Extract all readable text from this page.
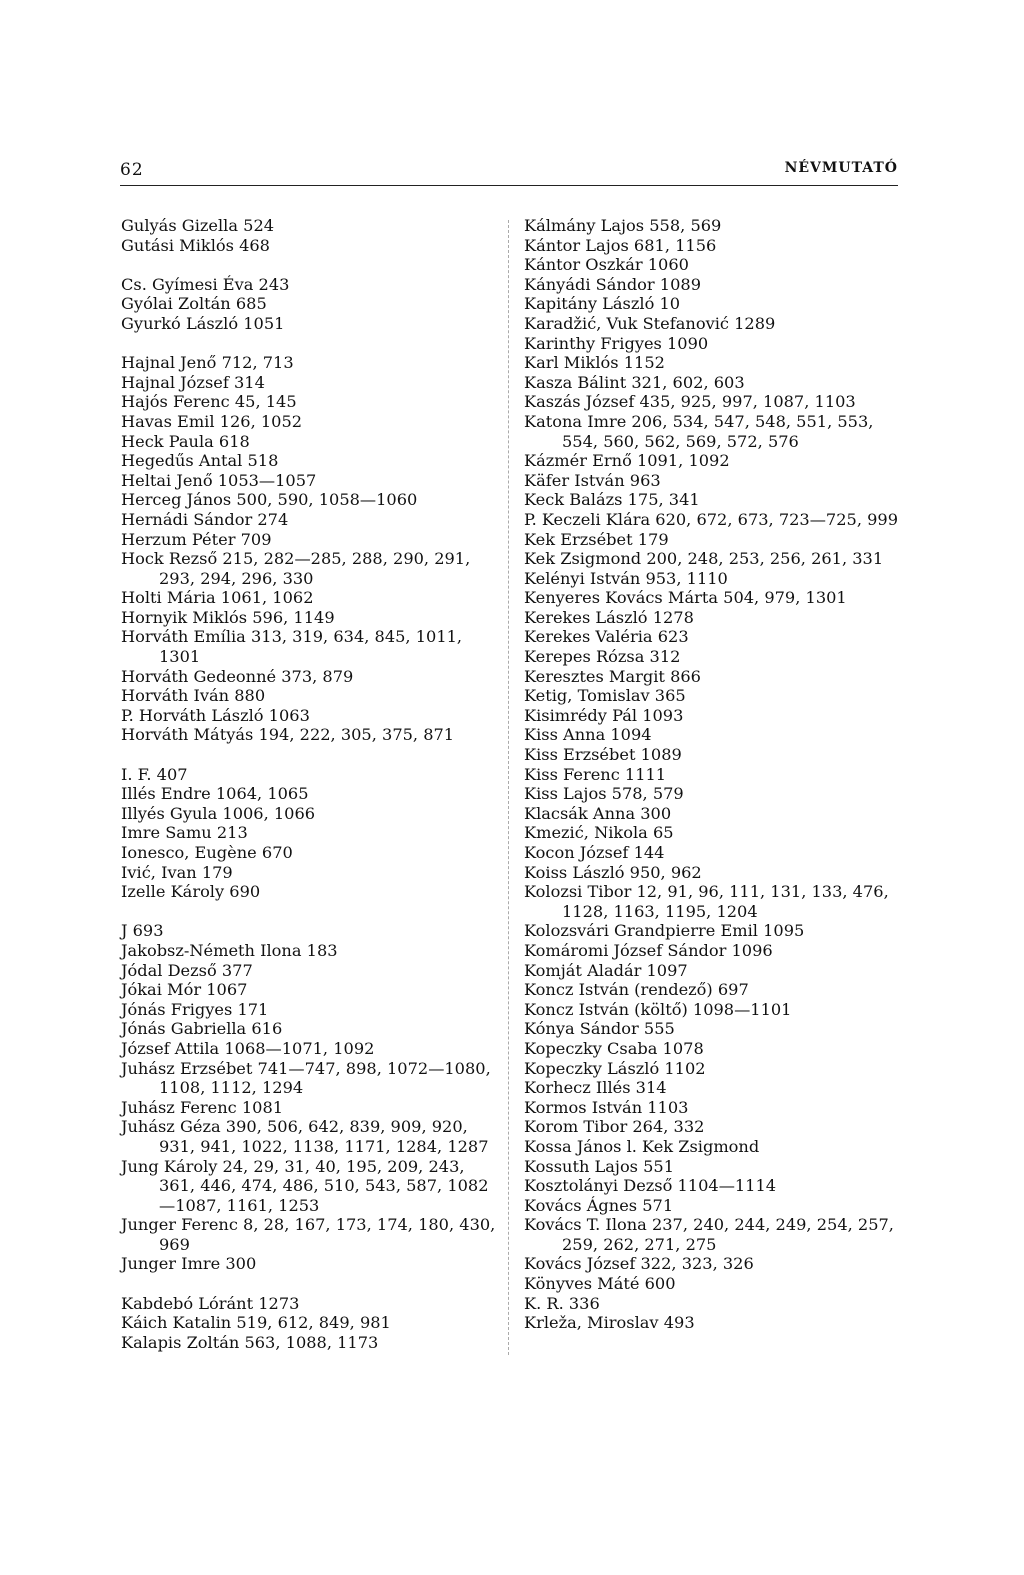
62	NÉVMUTATÓ
Gulyás Gizella 524
Gutási Miklós 468
Cs. Gyímesi Éva 243
Gyólai Zoltán 685
Gyurkó László 1051
Hajnal Jenő 712, 713
Hajnal József 314
Hajós Ferenc 45, 145
Havas Emil 126, 1052
Heck Paula 618
Hegedűs Antal 518
Heltai Jenő 1053—1057
Herceg János 500, 590, 1058—1060
Hernádi Sándor 274
Herzum Péter 709
Hock Rezső 215, 282—285, 288, 290, 291, 293, 294, 296, 330
Holti Mária 1061, 1062
Hornyik Miklós 596, 1149
Horváth Emília 313, 319, 634, 845, 1011, 1301
Horváth Gedeonné 373, 879
Horváth Iván 880
P. Horváth László 1063
Horváth Mátyás 194, 222, 305, 375, 871
I. F. 407
Illés Endre 1064, 1065
Illyés Gyula 1006, 1066
Imre Samu 213
Ionesco, Eugène 670
Ivić, Ivan 179
Izelle Károly 690
J 693
Jakobsz-Németh Ilona 183
Jódal Dezső 377
Jókai Mór 1067
Jónás Frigyes 171
Jónás Gabriella 616
József Attila 1068—1071, 1092
Juhász Erzsébet 741—747, 898, 1072—1080, 1108, 1112, 1294
Juhász Ferenc 1081
Juhász Géza 390, 506, 642, 839, 909, 920, 931, 941, 1022, 1138, 1171, 1284, 1287
Jung Károly 24, 29, 31, 40, 195, 209, 243, 361, 446, 474, 486, 510, 543, 587, 1082—1087, 1161, 1253
Junger Ferenc 8, 28, 167, 173, 174, 180, 430, 969
Junger Imre 300
Kabdebó Lóránt 1273
Káich Katalin 519, 612, 849, 981
Kalapis Zoltán 563, 1088, 1173
Kálmány Lajos 558, 569
Kántor Lajos 681, 1156
Kántor Oszkár 1060
Kányádi Sándor 1089
Kapitány László 10
Karadžić, Vuk Stefanović 1289
Karinthy Frigyes 1090
Karl Miklós 1152
Kasza Bálint 321, 602, 603
Kaszás József 435, 925, 997, 1087, 1103
Katona Imre 206, 534, 547, 548, 551, 553, 554, 560, 562, 569, 572, 576
Kázmér Ernő 1091, 1092
Käfer István 963
Keck Balázs 175, 341
P. Keczeli Klára 620, 672, 673, 723—725, 999
Kek Erzsébet 179
Kek Zsigmond 200, 248, 253, 256, 261, 331
Kelényi István 953, 1110
Kenyeres Kovács Márta 504, 979, 1301
Kerekes László 1278
Kerekes Valéria 623
Kerepes Rózsa 312
Keresztes Margit 866
Ketig, Tomislav 365
Kisimrédy Pál 1093
Kiss Anna 1094
Kiss Erzsébet 1089
Kiss Ferenc 1111
Kiss Lajos 578, 579
Klacsák Anna 300
Kmezić, Nikola 65
Kocon József 144
Koiss László 950, 962
Kolozsi Tibor 12, 91, 96, 111, 131, 133, 476, 1128, 1163, 1195, 1204
Kolozsvári Grandpierre Emil 1095
Komáromi József Sándor 1096
Komját Aladár 1097
Koncz István (rendező) 697
Koncz István (költő) 1098—1101
Kónya Sándor 555
Kopeczky Csaba 1078
Kopeczky László 1102
Korhecz Illés 314
Kormos István 1103
Korom Tibor 264, 332
Kossa János l. Kek Zsigmond
Kossuth Lajos 551
Kosztolányi Dezső 1104—1114
Kovács Ágnes 571
Kovács T. Ilona 237, 240, 244, 249, 254, 257, 259, 262, 271, 275
Kovács József 322, 323, 326
Könyves Máté 600
K. R. 336
Krleža, Miroslav 493
